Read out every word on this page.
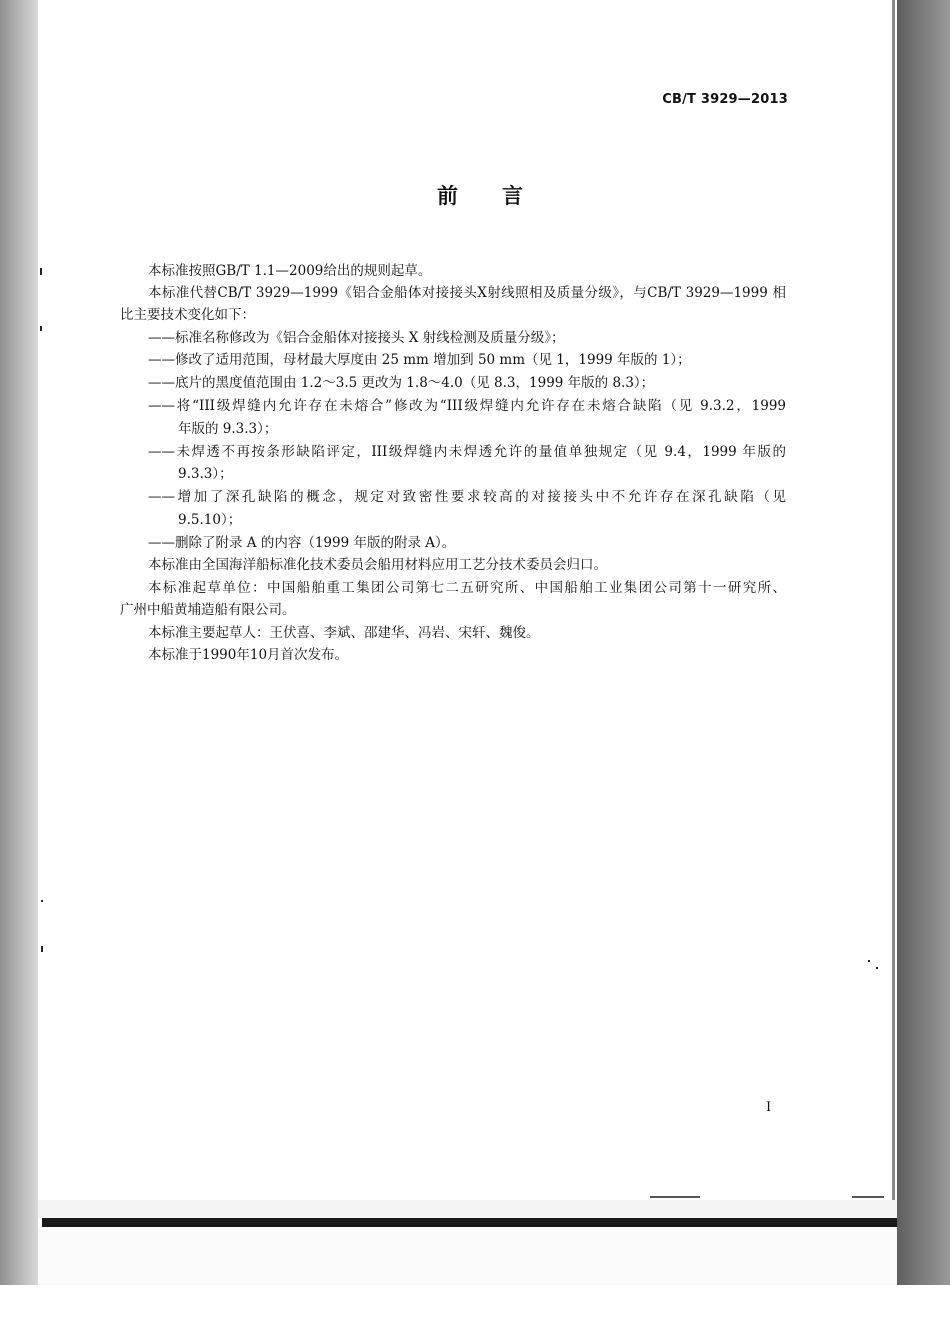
CB/T 3929—2013
前言
本标准按照GB/T 1.1—2009给出的规则起草。
本标准代替CB/T 3929—1999《铝合金船体对接接头X射线照相及质量分级》，与CB/T 3929—1999 相
比主要技术变化如下：
——标准名称修改为《铝合金船体对接接头 X 射线检测及质量分级》；
——修改了适用范围，母材最大厚度由 25 mm 增加到 50 mm（见 1，1999 年版的 1）；
——底片的黑度值范围由 1.2～3.5 更改为 1.8～4.0（见 8.3，1999 年版的 8.3）；
——将“III级焊缝内允许存在未熔合”修改为“III级焊缝内允许存在未熔合缺陷（见 9.3.2，1999
年版的 9.3.3）；
——未焊透不再按条形缺陷评定，III级焊缝内未焊透允许的量值单独规定（见 9.4，1999 年版的
9.3.3）；
——增加了深孔缺陷的概念，规定对致密性要求较高的对接接头中不允许存在深孔缺陷（见
9.5.10）；
——删除了附录 A 的内容（1999 年版的附录 A）。
本标准由全国海洋船标准化技术委员会船用材料应用工艺分技术委员会归口。
本标准起草单位：中国船舶重工集团公司第七二五研究所、中国船舶工业集团公司第十一研究所、
广州中船黄埔造船有限公司。
本标准主要起草人：王伏喜、李斌、邵建华、冯岩、宋轩、魏俊。
本标准于1990年10月首次发布。
I
